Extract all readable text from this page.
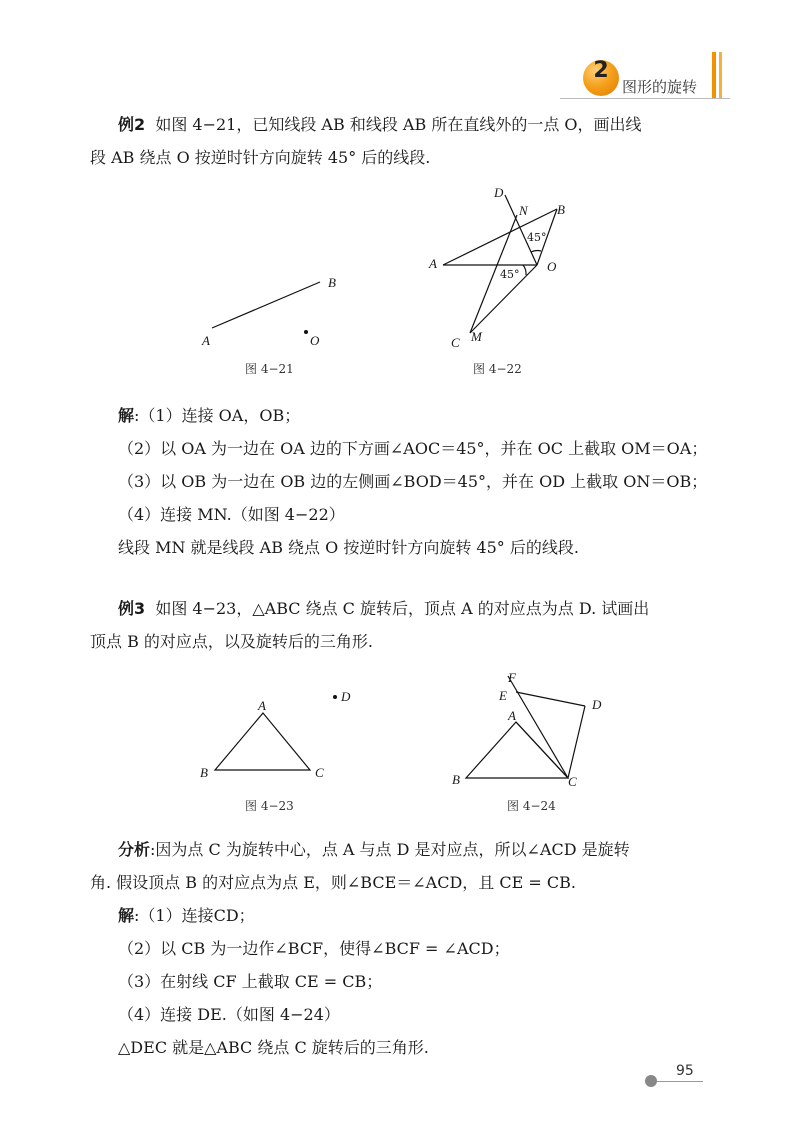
2
图形的旋转
例2 如图 4−21，已知线段 AB 和线段 AB 所在直线外的一点 O，画出线
段 AB 绕点 O 按逆时针方向旋转 45° 后的线段.
A
B
O
图 4−21
D
N B
A	O
C M
45°
45°
图 4−22
解:（1）连接 OA，OB；
（2）以 OA 为一边在 OA 边的下方画∠AOC＝45°，并在 OC 上截取 OM＝OA；
（3）以 OB 为一边在 OB 边的左侧画∠BOD＝45°，并在 OD 上截取 ON＝OB；
（4）连接 MN.（如图 4−22）
线段 MN 就是线段 AB 绕点 O 按逆时针方向旋转 45° 后的线段.
例3 如图 4−23，△ABC 绕点 C 旋转后，顶点 A 的对应点为点 D. 试画出
顶点 B 的对应点，以及旋转后的三角形.
A
B	C
D
图 4−23
F
E
A
D
B	C
图 4−24
分析:因为点 C 为旋转中心，点 A 与点 D 是对应点，所以∠ACD 是旋转
角. 假设顶点 B 的对应点为点 E，则∠BCE＝∠ACD，且 CE = CB.
解:（1）连接CD；
（2）以 CB 为一边作∠BCF，使得∠BCF = ∠ACD；
（3）在射线 CF 上截取 CE = CB；
（4）连接 DE.（如图 4−24）
△DEC 就是△ABC 绕点 C 旋转后的三角形.
95
